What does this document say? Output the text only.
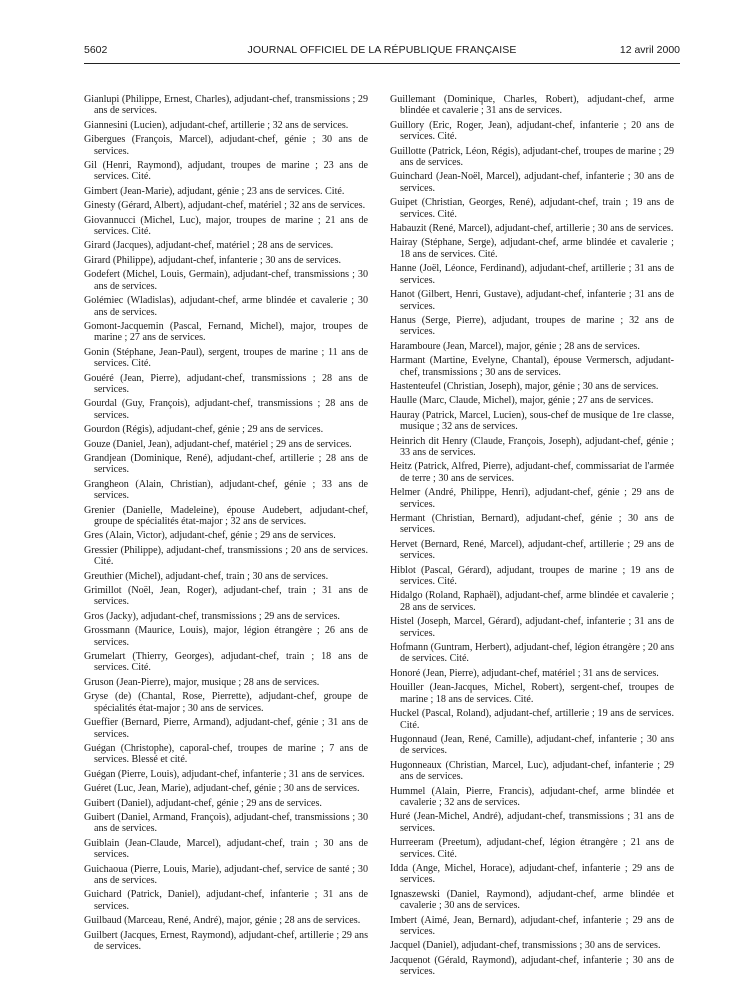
5602	JOURNAL OFFICIEL DE LA RÉPUBLIQUE FRANÇAISE	12 avril 2000
Gianlupi (Philippe, Ernest, Charles), adjudant-chef, transmissions ; 29 ans de services.
Giannesini (Lucien), adjudant-chef, artillerie ; 32 ans de services.
Gibergues (François, Marcel), adjudant-chef, génie ; 30 ans de services.
Gil (Henri, Raymond), adjudant, troupes de marine ; 23 ans de services. Cité.
Gimbert (Jean-Marie), adjudant, génie ; 23 ans de services. Cité.
Ginesty (Gérard, Albert), adjudant-chef, matériel ; 32 ans de services.
Giovannucci (Michel, Luc), major, troupes de marine ; 21 ans de services. Cité.
Girard (Jacques), adjudant-chef, matériel ; 28 ans de services.
Girard (Philippe), adjudant-chef, infanterie ; 30 ans de services.
Godefert (Michel, Louis, Germain), adjudant-chef, transmissions ; 30 ans de services.
Golémiec (Wladislas), adjudant-chef, arme blindée et cavalerie ; 30 ans de services.
Gomont-Jacquemin (Pascal, Fernand, Michel), major, troupes de marine ; 27 ans de services.
Gonin (Stéphane, Jean-Paul), sergent, troupes de marine ; 11 ans de services. Cité.
Gouéré (Jean, Pierre), adjudant-chef, transmissions ; 28 ans de services.
Gourdal (Guy, François), adjudant-chef, transmissions ; 28 ans de services.
Gourdon (Régis), adjudant-chef, génie ; 29 ans de services.
Gouze (Daniel, Jean), adjudant-chef, matériel ; 29 ans de services.
Grandjean (Dominique, René), adjudant-chef, artillerie ; 28 ans de services.
Grangheon (Alain, Christian), adjudant-chef, génie ; 33 ans de services.
Grenier (Danielle, Madeleine), épouse Audebert, adjudant-chef, groupe de spécialités état-major ; 32 ans de services.
Gres (Alain, Victor), adjudant-chef, génie ; 29 ans de services.
Gressier (Philippe), adjudant-chef, transmissions ; 20 ans de services. Cité.
Greuthier (Michel), adjudant-chef, train ; 30 ans de services.
Grimillot (Noël, Jean, Roger), adjudant-chef, train ; 31 ans de services.
Gros (Jacky), adjudant-chef, transmissions ; 29 ans de services.
Grossmann (Maurice, Louis), major, légion étrangère ; 26 ans de services.
Grumelart (Thierry, Georges), adjudant-chef, train ; 18 ans de services. Cité.
Gruson (Jean-Pierre), major, musique ; 28 ans de services.
Gryse (de) (Chantal, Rose, Pierrette), adjudant-chef, groupe de spécialités état-major ; 30 ans de services.
Gueffier (Bernard, Pierre, Armand), adjudant-chef, génie ; 31 ans de services.
Guégan (Christophe), caporal-chef, troupes de marine ; 7 ans de services. Blessé et cité.
Guégan (Pierre, Louis), adjudant-chef, infanterie ; 31 ans de services.
Guéret (Luc, Jean, Marie), adjudant-chef, génie ; 30 ans de services.
Guibert (Daniel), adjudant-chef, génie ; 29 ans de services.
Guibert (Daniel, Armand, François), adjudant-chef, transmissions ; 30 ans de services.
Guiblain (Jean-Claude, Marcel), adjudant-chef, train ; 30 ans de services.
Guichaoua (Pierre, Louis, Marie), adjudant-chef, service de santé ; 30 ans de services.
Guichard (Patrick, Daniel), adjudant-chef, infanterie ; 31 ans de services.
Guilbaud (Marceau, René, André), major, génie ; 28 ans de services.
Guilbert (Jacques, Ernest, Raymond), adjudant-chef, artillerie ; 29 ans de services.
Guillemant (Dominique, Charles, Robert), adjudant-chef, arme blindée et cavalerie ; 31 ans de services.
Guillory (Eric, Roger, Jean), adjudant-chef, infanterie ; 20 ans de services. Cité.
Guillotte (Patrick, Léon, Régis), adjudant-chef, troupes de marine ; 29 ans de services.
Guinchard (Jean-Noël, Marcel), adjudant-chef, infanterie ; 30 ans de services.
Guipet (Christian, Georges, René), adjudant-chef, train ; 19 ans de services. Cité.
Habauzit (René, Marcel), adjudant-chef, artillerie ; 30 ans de services.
Hairay (Stéphane, Serge), adjudant-chef, arme blindée et cavalerie ; 18 ans de services. Cité.
Hanne (Joël, Léonce, Ferdinand), adjudant-chef, artillerie ; 31 ans de services.
Hanot (Gilbert, Henri, Gustave), adjudant-chef, infanterie ; 31 ans de services.
Hanus (Serge, Pierre), adjudant, troupes de marine ; 32 ans de services.
Haramboure (Jean, Marcel), major, génie ; 28 ans de services.
Harmant (Martine, Evelyne, Chantal), épouse Vermersch, adjudant-chef, transmissions ; 30 ans de services.
Hastenteufel (Christian, Joseph), major, génie ; 30 ans de services.
Haulle (Marc, Claude, Michel), major, génie ; 27 ans de services.
Hauray (Patrick, Marcel, Lucien), sous-chef de musique de 1re classe, musique ; 32 ans de services.
Heinrich dit Henry (Claude, François, Joseph), adjudant-chef, génie ; 33 ans de services.
Heitz (Patrick, Alfred, Pierre), adjudant-chef, commissariat de l'armée de terre ; 30 ans de services.
Helmer (André, Philippe, Henri), adjudant-chef, génie ; 29 ans de services.
Hermant (Christian, Bernard), adjudant-chef, génie ; 30 ans de services.
Hervet (Bernard, René, Marcel), adjudant-chef, artillerie ; 29 ans de services.
Hiblot (Pascal, Gérard), adjudant, troupes de marine ; 19 ans de services. Cité.
Hidalgo (Roland, Raphaël), adjudant-chef, arme blindée et cavalerie ; 28 ans de services.
Histel (Joseph, Marcel, Gérard), adjudant-chef, infanterie ; 31 ans de services.
Hofmann (Guntram, Herbert), adjudant-chef, légion étrangère ; 20 ans de services. Cité.
Honoré (Jean, Pierre), adjudant-chef, matériel ; 31 ans de services.
Houiller (Jean-Jacques, Michel, Robert), sergent-chef, troupes de marine ; 18 ans de services. Cité.
Huckel (Pascal, Roland), adjudant-chef, artillerie ; 19 ans de services. Cité.
Hugonnaud (Jean, René, Camille), adjudant-chef, infanterie ; 30 ans de services.
Hugonneaux (Christian, Marcel, Luc), adjudant-chef, infanterie ; 29 ans de services.
Hummel (Alain, Pierre, Francis), adjudant-chef, arme blindée et cavalerie ; 32 ans de services.
Huré (Jean-Michel, André), adjudant-chef, transmissions ; 31 ans de services.
Hurreeram (Preetum), adjudant-chef, légion étrangère ; 21 ans de services. Cité.
Idda (Ange, Michel, Horace), adjudant-chef, infanterie ; 29 ans de services.
Ignaszewski (Daniel, Raymond), adjudant-chef, arme blindée et cavalerie ; 30 ans de services.
Imbert (Aimé, Jean, Bernard), adjudant-chef, infanterie ; 29 ans de services.
Jacquel (Daniel), adjudant-chef, transmissions ; 30 ans de services.
Jacquenot (Gérald, Raymond), adjudant-chef, infanterie ; 30 ans de services.
